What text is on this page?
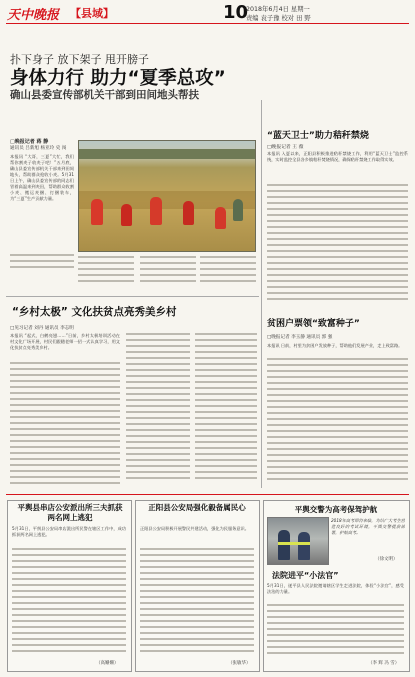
天中晚报 【县域】	10
2018年6月4日 星期一
责编 袁子豫 校对 田 野
扑下身子 放下架子 甩开膀子
身体力行 助力“夏季总攻”
确山县委宣传部机关干部到田间地头帮扶
□晚报记者 蒋 静
通讯员 吕新旭 杨亚玲 史 闯
本报讯 “大哥，三夏”大忙，我们帮你割麦子收麦子吧！”五月底，确山县委宣传部机关干部来到田间地头，帮助群众抢收小麦。5月31日上午，确山县委宣传部的同志们冒着高温来到麦田，帮助群众收割小麦、搬运麦捆、打捆装车，为“三夏”生产贡献力量。
“蓝天卫士”助力秸秆禁烧
□晚报记者 王 薇
本报讯 入夏以来，正阳县积极推进秸秆禁烧工作，利用“蓝天卫士”监控系统，实时监控全县各乡镇秸秆焚烧情况，确保秸秆禁烧工作取得实效。
贫困户票领“致富种子”
□晚报记者 李玉静 通讯员 郭 强
本报讯 日前，村里为贫困户发放种子，帮助他们发展产业，走上致富路。
“乡村太极” 文化扶贫点亮秀美乡村
□见习记者 刘丹 通讯员 李志明
本报讯 “起式，白鹤亮翅……”日前，乡村太极培训活动在村文化广场开展，村民们跟随老师一招一式认真学习，用文化扶贫点亮秀美乡村。
平舆县串店公安派出所三夫抓获两名网上逃犯
5月31日，平舆县公安局串店派出所民警在辖区工作中，成功抓获两名网上逃犯。
（高姗姗）
正阳县公安局强化毅备属民心
正阳县公安局积极开展警民共建活动，强化为民服务意识。
（张敏华）
平舆交警为高考保驾护航
2018年高考即将来临，为给广大考生营造良好的考试环境，平舆交警提前部署，护航高考。
（徐文明）
法院进平“小法官”
5月31日，遂平县人民法院邀请辖区学生走进法院，体验“小法官”，感受法治的力量。
（李 辉 冯 雪）
